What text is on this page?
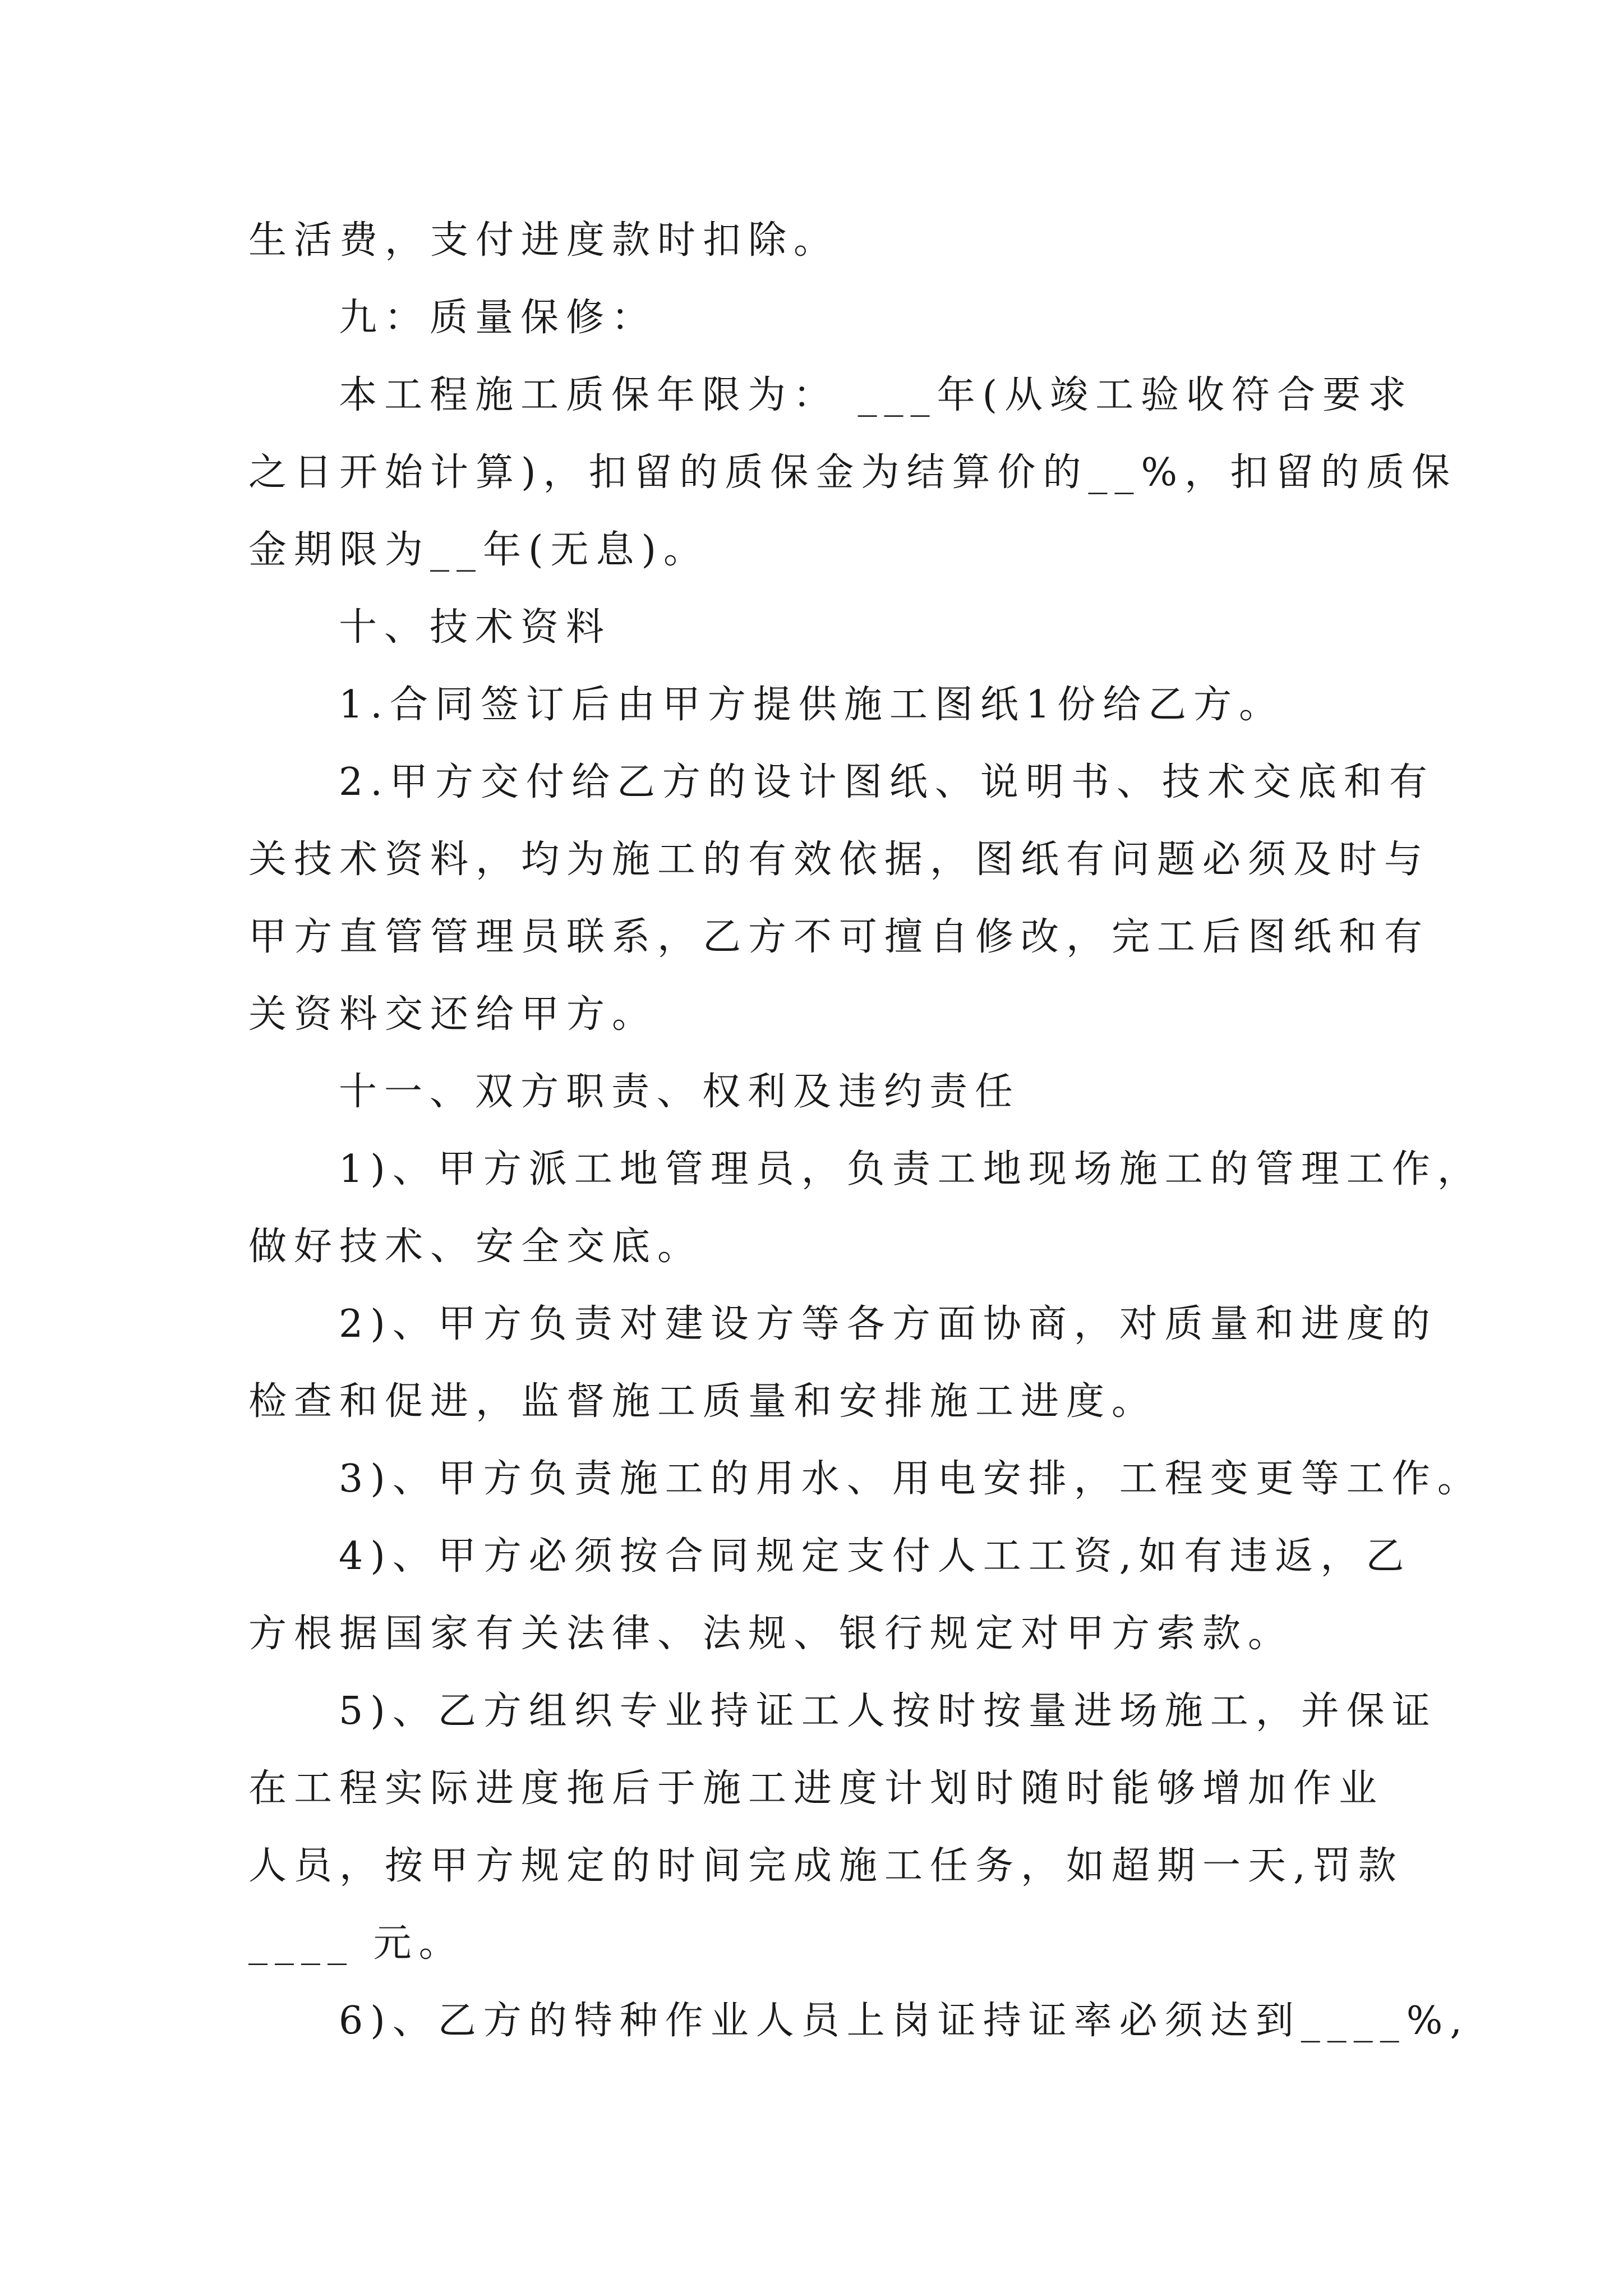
生活费，支付进度款时扣除。
九：质量保修：
本工程施工质保年限为： ___年(从竣工验收符合要求
之日开始计算)，扣留的质保金为结算价的__%，扣留的质保
金期限为__年(无息)。
十、技术资料
1.合同签订后由甲方提供施工图纸1份给乙方。
2.甲方交付给乙方的设计图纸、说明书、技术交底和有
关技术资料，均为施工的有效依据，图纸有问题必须及时与
甲方直管管理员联系，乙方不可擅自修改，完工后图纸和有
关资料交还给甲方。
十一、双方职责、权利及违约责任
1)、甲方派工地管理员，负责工地现场施工的管理工作，
做好技术、安全交底。
2)、甲方负责对建设方等各方面协商，对质量和进度的
检查和促进，监督施工质量和安排施工进度。
3)、甲方负责施工的用水、用电安排，工程变更等工作。
4)、甲方必须按合同规定支付人工工资,如有违返，乙
方根据国家有关法律、法规、银行规定对甲方索款。
5)、乙方组织专业持证工人按时按量进场施工，并保证
在工程实际进度拖后于施工进度计划时随时能够增加作业
人员，按甲方规定的时间完成施工任务，如超期一天,罚款
____ 元。
6)、乙方的特种作业人员上岗证持证率必须达到____%,
